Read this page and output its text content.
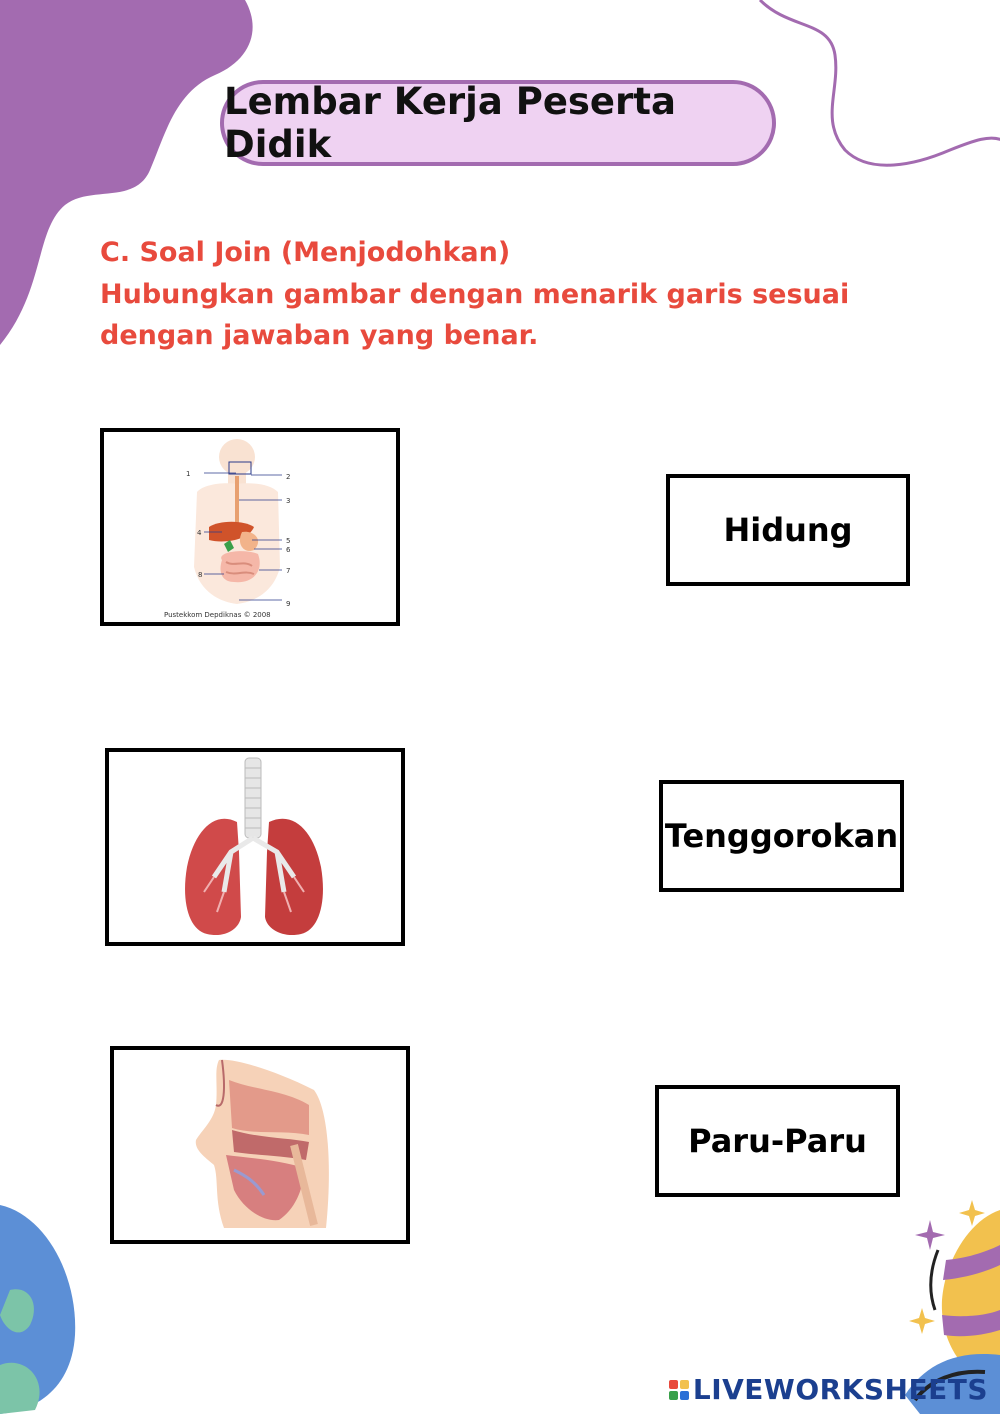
Lembar Kerja Peserta Didik
C. Soal Join (Menjodohkan)
Hubungkan gambar dengan menarik garis sesuai
dengan jawaban yang benar.
1	2
3
4
5
6
7
8
9
Pustekkom Depdiknas © 2008
Hidung
Tenggorokan
Paru-Paru
LIVEWORKSHEETS
